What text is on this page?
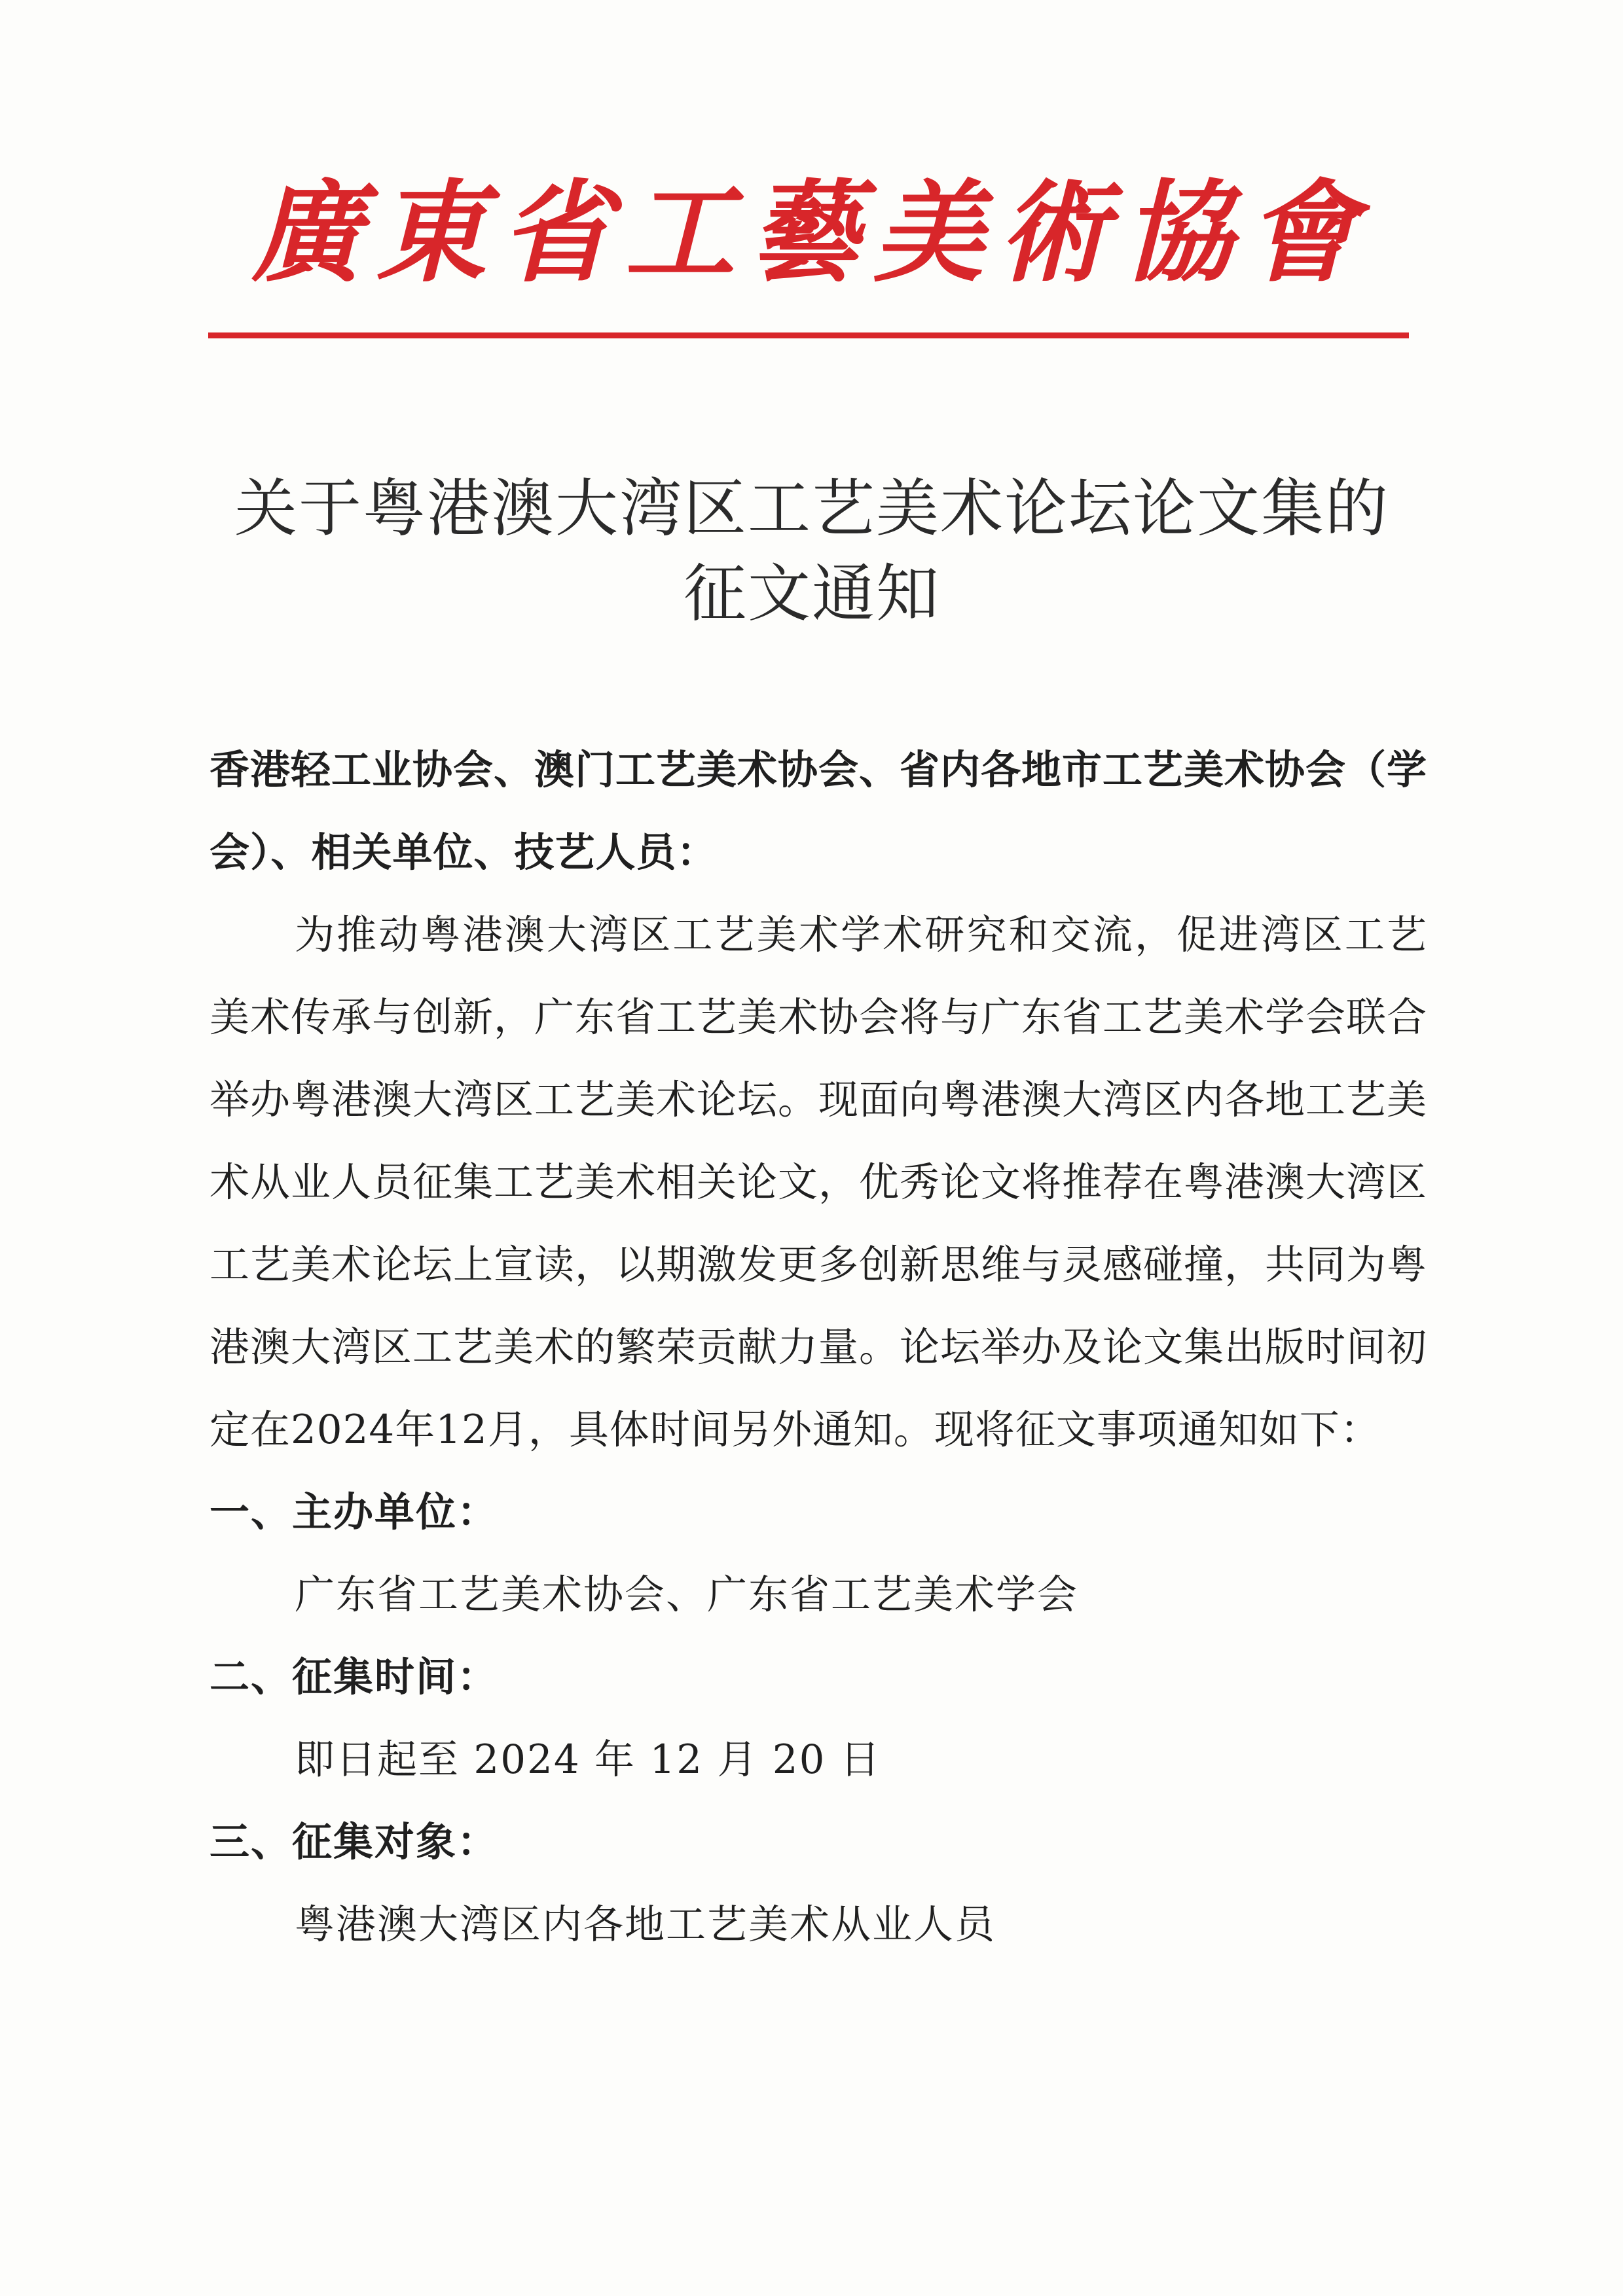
廣東省工藝美術協會
关于粤港澳大湾区工艺美术论坛论文集的
征文通知

香港轻工业协会、澳门工艺美术协会、省内各地市工艺美术协会（学会）、相关单位、技艺人员：

为推动粤港澳大湾区工艺美术学术研究和交流，促进湾区工艺美术传承与创新，广东省工艺美术协会将与广东省工艺美术学会联合举办粤港澳大湾区工艺美术论坛。现面向粤港澳大湾区内各地工艺美术从业人员征集工艺美术相关论文，优秀论文将推荐在粤港澳大湾区工艺美术论坛上宣读，以期激发更多创新思维与灵感碰撞，共同为粤港澳大湾区工艺美术的繁荣贡献力量。论坛举办及论文集出版时间初定在2024年12月，具体时间另外通知。现将征文事项通知如下：

一、主办单位：

广东省工艺美术协会、广东省工艺美术学会

二、征集时间：

即日起至 2024 年 12 月 20 日

三、征集对象：

粤港澳大湾区内各地工艺美术从业人员
